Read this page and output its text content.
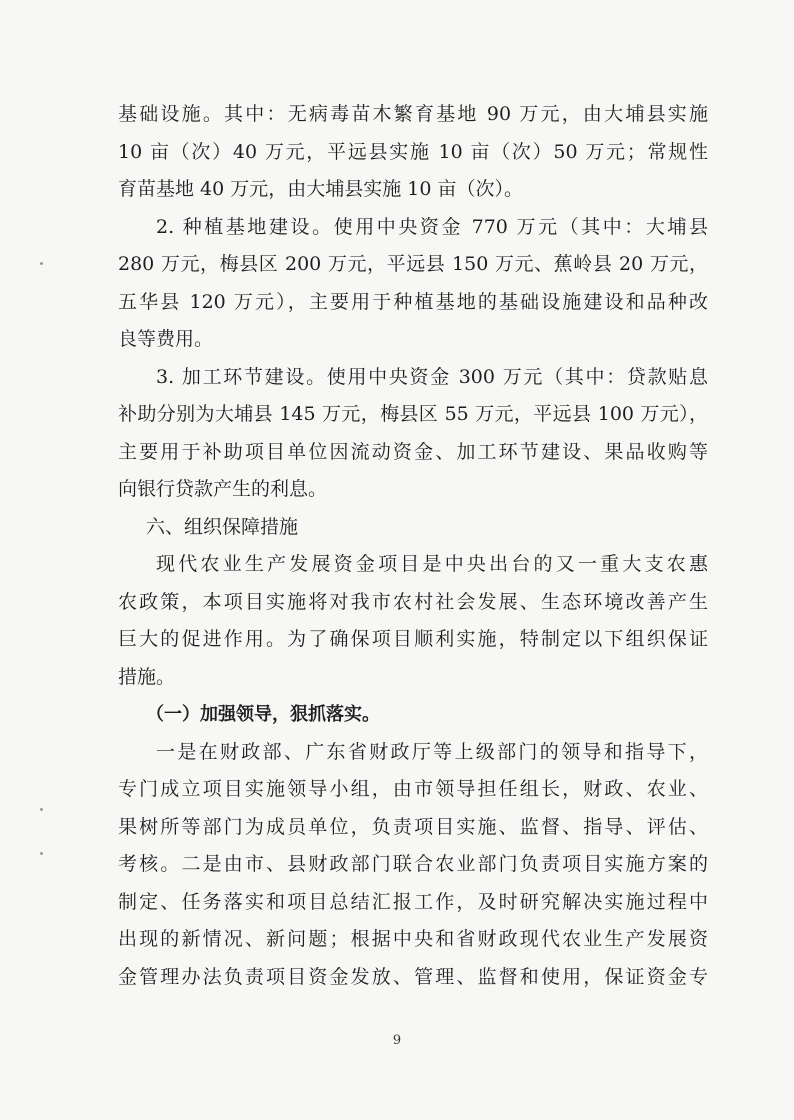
基础设施。其中：无病毒苗木繁育基地 90 万元，由大埔县实施
10 亩（次）40 万元，平远县实施 10 亩（次）50 万元；常规性
育苗基地 40 万元，由大埔县实施 10 亩（次）。
2. 种植基地建设。使用中央资金 770 万元（其中：大埔县
280 万元，梅县区 200 万元，平远县 150 万元、蕉岭县 20 万元，
五华县 120 万元），主要用于种植基地的基础设施建设和品种改
良等费用。
3. 加工环节建设。使用中央资金 300 万元（其中：贷款贴息
补助分别为大埔县 145 万元，梅县区 55 万元，平远县 100 万元），
主要用于补助项目单位因流动资金、加工环节建设、果品收购等
向银行贷款产生的利息。
六、组织保障措施
现代农业生产发展资金项目是中央出台的又一重大支农惠
农政策，本项目实施将对我市农村社会发展、生态环境改善产生
巨大的促进作用。为了确保项目顺利实施，特制定以下组织保证
措施。
（一）加强领导，狠抓落实。
一是在财政部、广东省财政厅等上级部门的领导和指导下，
专门成立项目实施领导小组，由市领导担任组长，财政、农业、
果树所等部门为成员单位，负责项目实施、监督、指导、评估、
考核。二是由市、县财政部门联合农业部门负责项目实施方案的
制定、任务落实和项目总结汇报工作，及时研究解决实施过程中
出现的新情况、新问题；根据中央和省财政现代农业生产发展资
金管理办法负责项目资金发放、管理、监督和使用，保证资金专
9
